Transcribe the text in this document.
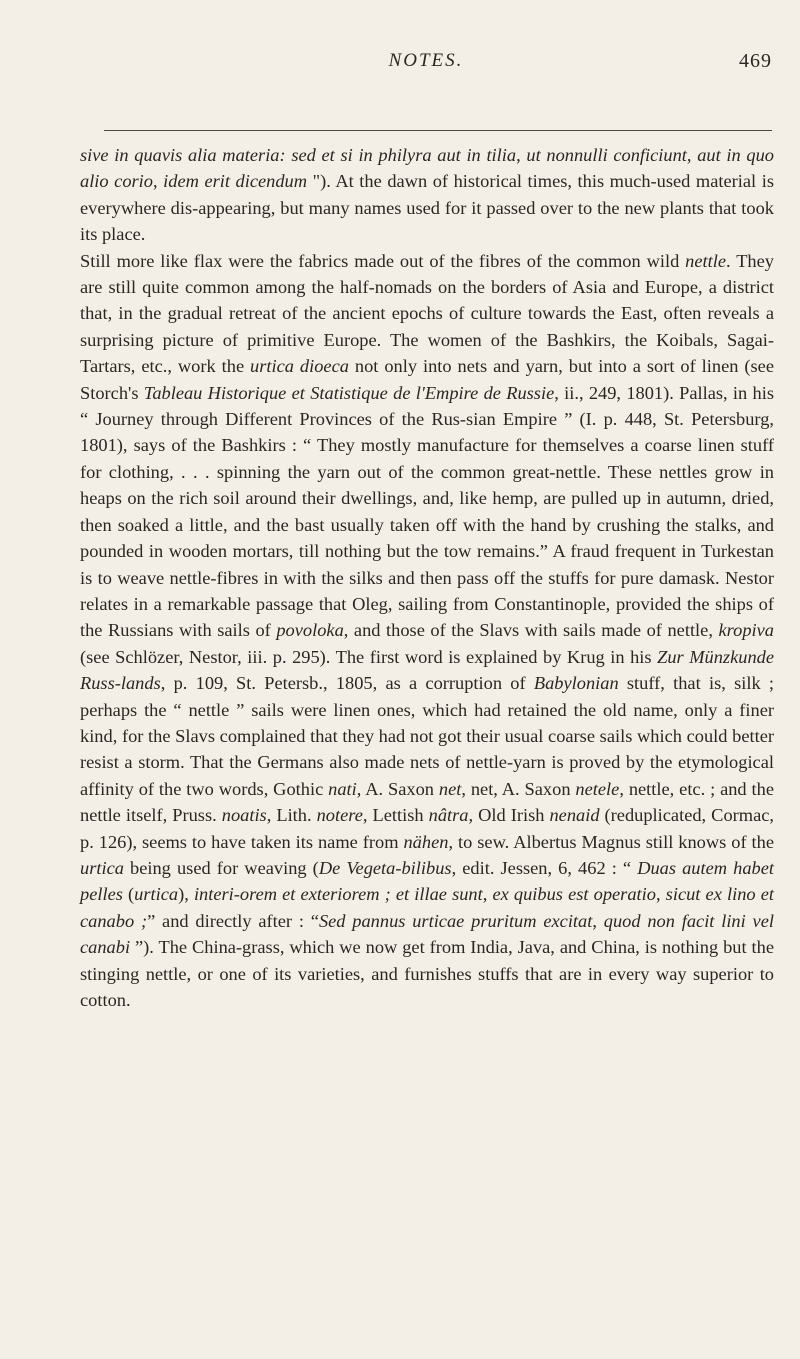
NOTES.	469

sive in quavis alia materia: sed et si in philyra aut in tilia, ut nonnulli conficiunt, aut in quo alio corio, idem erit dicendum "). At the dawn of historical times, this much-used material is everywhere dis-appearing, but many names used for it passed over to the new plants that took its place.

Still more like flax were the fabrics made out of the fibres of the common wild nettle. They are still quite common among the half-nomads on the borders of Asia and Europe, a district that, in the gradual retreat of the ancient epochs of culture towards the East, often reveals a surprising picture of primitive Europe. The women of the Bashkirs, the Koibals, Sagai-Tartars, etc., work the urtica dioeca not only into nets and yarn, but into a sort of linen (see Storch's Tableau Historique et Statistique de l'Empire de Russie, ii., 249, 1801). Pallas, in his “ Journey through Different Provinces of the Rus-sian Empire ” (I. p. 448, St. Petersburg, 1801), says of the Bashkirs : “ They mostly manufacture for themselves a coarse linen stuff for clothing, . . . spinning the yarn out of the common great-nettle. These nettles grow in heaps on the rich soil around their dwellings, and, like hemp, are pulled up in autumn, dried, then soaked a little, and the bast usually taken off with the hand by crushing the stalks, and pounded in wooden mortars, till nothing but the tow remains.” A fraud frequent in Turkestan is to weave nettle-fibres in with the silks and then pass off the stuffs for pure damask. Nestor relates in a remarkable passage that Oleg, sailing from Constantinople, provided the ships of the Russians with sails of povoloka, and those of the Slavs with sails made of nettle, kropiva (see Schlözer, Nestor, iii. p. 295). The first word is explained by Krug in his Zur Münzkunde Russ-lands, p. 109, St. Petersb., 1805, as a corruption of Babylonian stuff, that is, silk ; perhaps the “ nettle ” sails were linen ones, which had retained the old name, only a finer kind, for the Slavs complained that they had not got their usual coarse sails which could better resist a storm. That the Germans also made nets of nettle-yarn is proved by the etymological affinity of the two words, Gothic nati, A. Saxon net, net, A. Saxon netele, nettle, etc. ; and the nettle itself, Pruss. noatis, Lith. notere, Lettish nâtra, Old Irish nenaid (reduplicated, Cormac, p. 126), seems to have taken its name from nähen, to sew. Albertus Magnus still knows of the urtica being used for weaving (De Vegeta-bilibus, edit. Jessen, 6, 462 : “ Duas autem habet pelles (urtica), interi-orem et exteriorem ; et illae sunt, ex quibus est operatio, sicut ex lino et canabo ;” and directly after : “Sed pannus urticae pruritum excitat, quod non facit lini vel canabi ”). The China-grass, which we now get from India, Java, and China, is nothing but the stinging nettle, or one of its varieties, and furnishes stuffs that are in every way superior to cotton.
